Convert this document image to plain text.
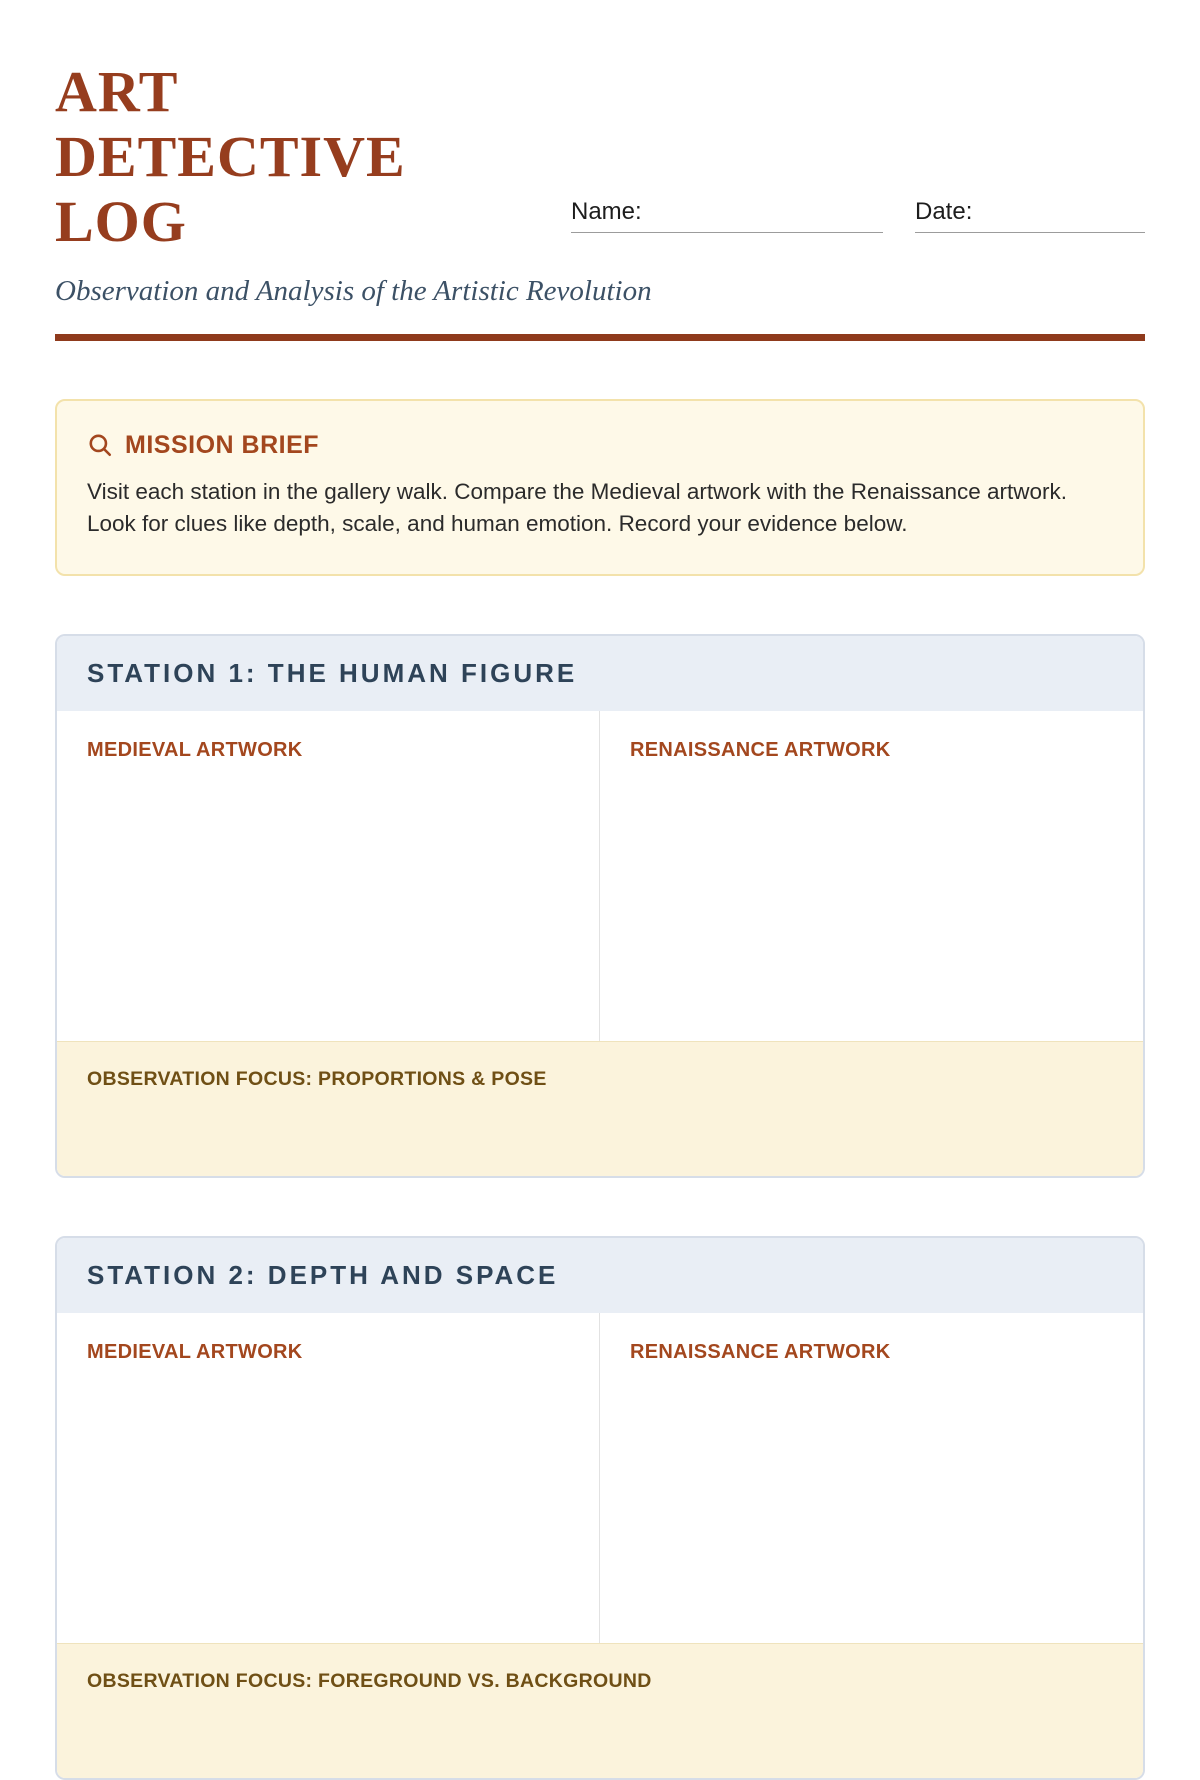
ART DETECTIVE
LOG	Name:	Date:
Observation and Analysis of the Artistic Revolution
MISSION BRIEF
Visit each station in the gallery walk. Compare the Medieval artwork with the Renaissance artwork. Look for clues like depth, scale, and human emotion. Record your evidence below.
STATION 1: THE HUMAN FIGURE
MEDIEVAL ARTWORK	RENAISSANCE ARTWORK
OBSERVATION FOCUS: PROPORTIONS & POSE
STATION 2: DEPTH AND SPACE
MEDIEVAL ARTWORK	RENAISSANCE ARTWORK
OBSERVATION FOCUS: FOREGROUND VS. BACKGROUND
